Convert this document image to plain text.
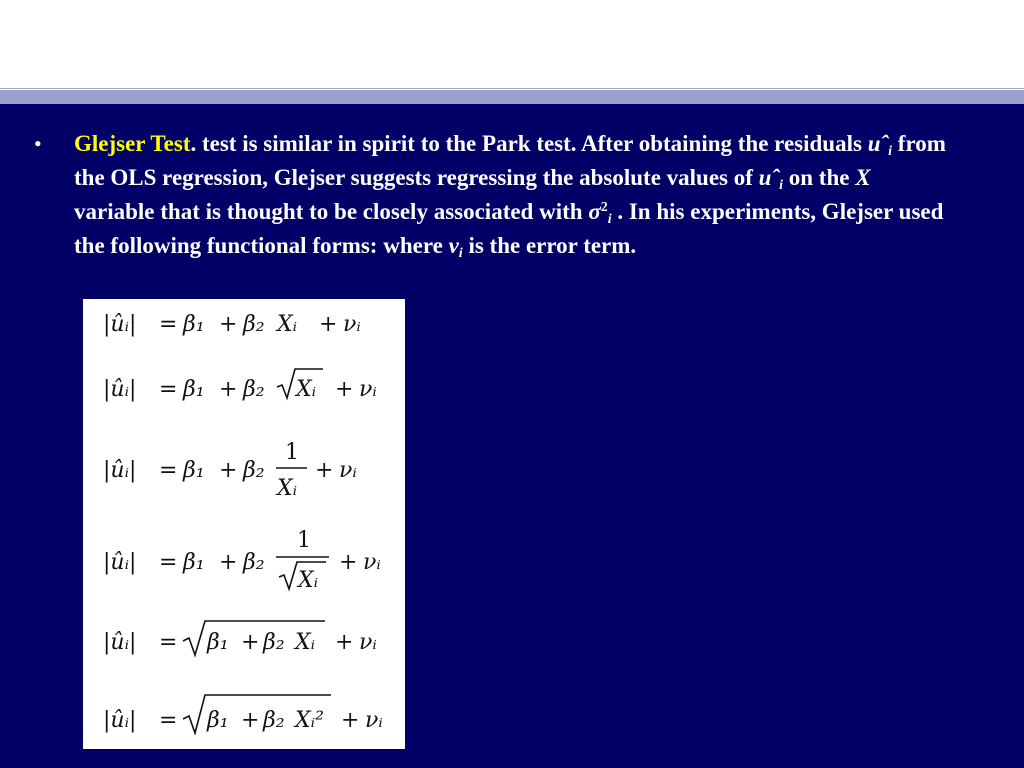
• Glejser Test. test is similar in spirit to the Park test. After obtaining the residuals uˆ$_i$ from the OLS regression, Glejser suggests regressing the absolute values of uˆ$_i$ on the X variable that is thought to be closely associated with $\sigma^2_i$ . In his experiments, Glejser used the following functional forms: where $v_i$ is the error term.
|ûᵢ| = β₁ + β₂ Xᵢ + νᵢ
|ûᵢ| = β₁ + β₂ Xᵢ + νᵢ
|ûᵢ| = β₁ + β₂
1
Xᵢ
+ νᵢ
|ûᵢ| = β₁ + β₂
1
Xᵢ
+ νᵢ
|ûᵢ| = β₁ + β₂ Xᵢ + νᵢ
|ûᵢ| = β₁ + β₂ Xᵢ² + νᵢ
